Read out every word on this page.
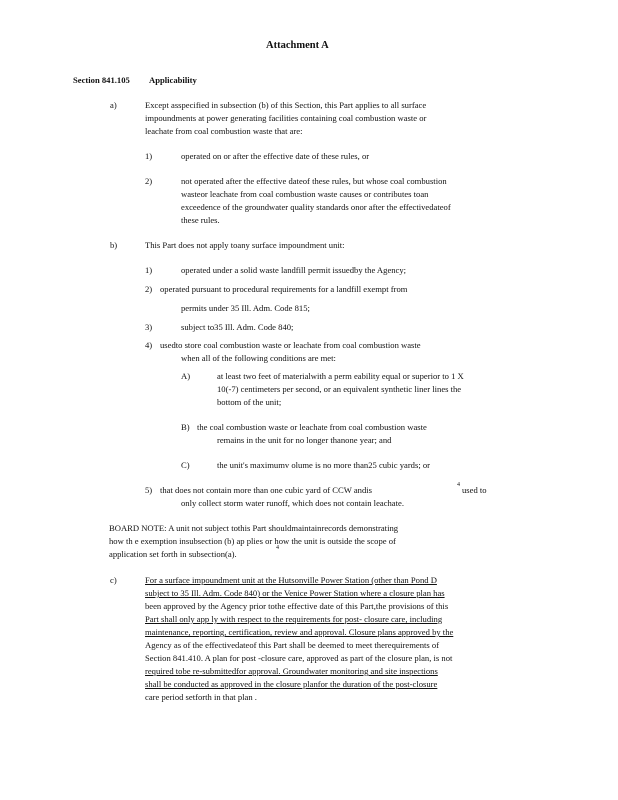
Attachment A
Section 841.105 Applicability
a)	Except asspecified in subsection (b) of this Section, this Part applies to all surface
impoundments at power generating facilities containing coal combustion waste or
leachate from coal combustion waste that are:
1)	operated on or after the effective date of these rules, or
2)	not operated after the effective dateof these rules, but whose coal combustion
wasteor leachate from coal combustion waste causes or contributes toan
exceedence of the groundwater quality standards onor after the effectivedateof
these rules.
b)	This Part does not apply toany surface impoundment unit:
1)	operated under a solid waste landfill permit issuedby the Agency;
2) operated pursuant to procedural requirements for a landfill exempt from
permits under 35 Ill. Adm. Code 815;
3)	subject to35 Ill. Adm. Code 840;
4) usedto store coal combustion waste or leachate from coal combustion waste
when all of the following conditions are met:
A)	at least two feet of materialwith a perm eability equal or superior to 1 X
10(-7) centimeters per second, or an equivalent synthetic liner lines the
bottom of the unit;
B) the coal combustion waste or leachate from coal combustion waste
remains in the unit for no longer thanone year; and
C)	the unit's maximumv olume is no more than25 cubic yards; or
5) that does not contain more than one cubic yard of CCW andis	4 used to
only collect storm water runoff, which does not contain leachate.
BOARD NOTE: A unit not subject tothis Part shouldmaintainrecords demonstrating
how th e exemption insubsection (b) ap plies or how the unit is outside the scope of
application set forth in subsection(a).
4
c)	For a surface impoundment unit at the Hutsonville Power Station (other than Pond D
subject to 35 Ill. Adm. Code 840) or the Venice Power Station where a closure plan has
been approved by the Agency prior tothe effective date of this Part,the provisions of this
Part shall only app ly with respect to the requirements for post- closure care, including
maintenance, reporting, certification, review and approval. Closure plans approved by the
Agency as of the effectivedateof this Part shall be deemed to meet therequirements of
Section 841.410. A plan for post -closure care, approved as part of the closure plan, is not
required tobe re-submittedfor approval. Groundwater monitoring and site inspections
shall be conducted as approved in the closure planfor the duration of the post-closure
care period setforth in that plan .
